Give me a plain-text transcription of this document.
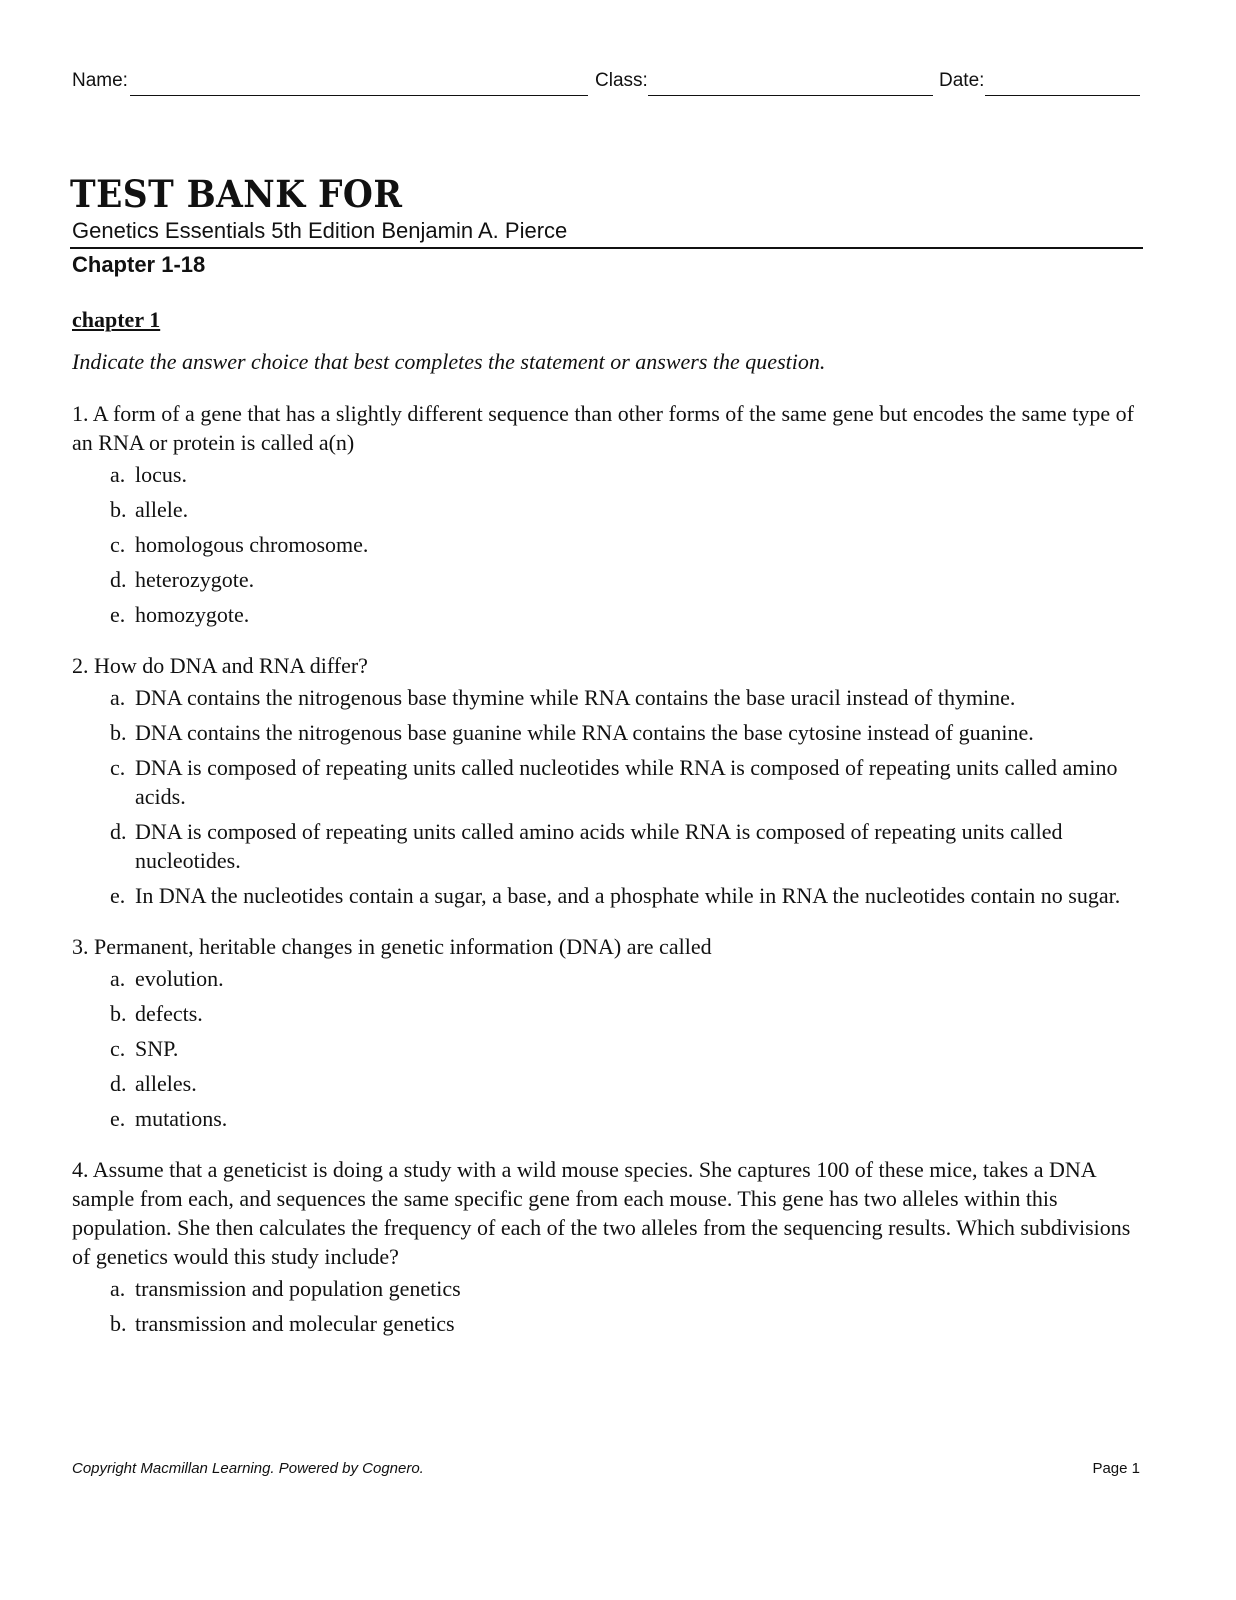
Name:	Class:	Date:
TEST BANK FOR
Genetics Essentials 5th Edition Benjamin A. Pierce
Chapter 1-18
chapter 1
Indicate the answer choice that best completes the statement or answers the question.
1. A form of a gene that has a slightly different sequence than other forms of the same gene but encodes the same type of an RNA or protein is called a(n)
a. locus.
b. allele.
c. homologous chromosome.
d. heterozygote.
e. homozygote.
2. How do DNA and RNA differ?
a. DNA contains the nitrogenous base thymine while RNA contains the base uracil instead of thymine.
b. DNA contains the nitrogenous base guanine while RNA contains the base cytosine instead of guanine.
c. DNA is composed of repeating units called nucleotides while RNA is composed of repeating units called amino acids.
d. DNA is composed of repeating units called amino acids while RNA is composed of repeating units called nucleotides.
e. In DNA the nucleotides contain a sugar, a base, and a phosphate while in RNA the nucleotides contain no sugar.
3. Permanent, heritable changes in genetic information (DNA) are called
a. evolution.
b. defects.
c. SNP.
d. alleles.
e. mutations.
4. Assume that a geneticist is doing a study with a wild mouse species. She captures 100 of these mice, takes a DNA sample from each, and sequences the same specific gene from each mouse. This gene has two alleles within this population. She then calculates the frequency of each of the two alleles from the sequencing results. Which subdivisions of genetics would this study include?
a. transmission and population genetics
b. transmission and molecular genetics
Copyright Macmillan Learning. Powered by Cognero.	Page 1
